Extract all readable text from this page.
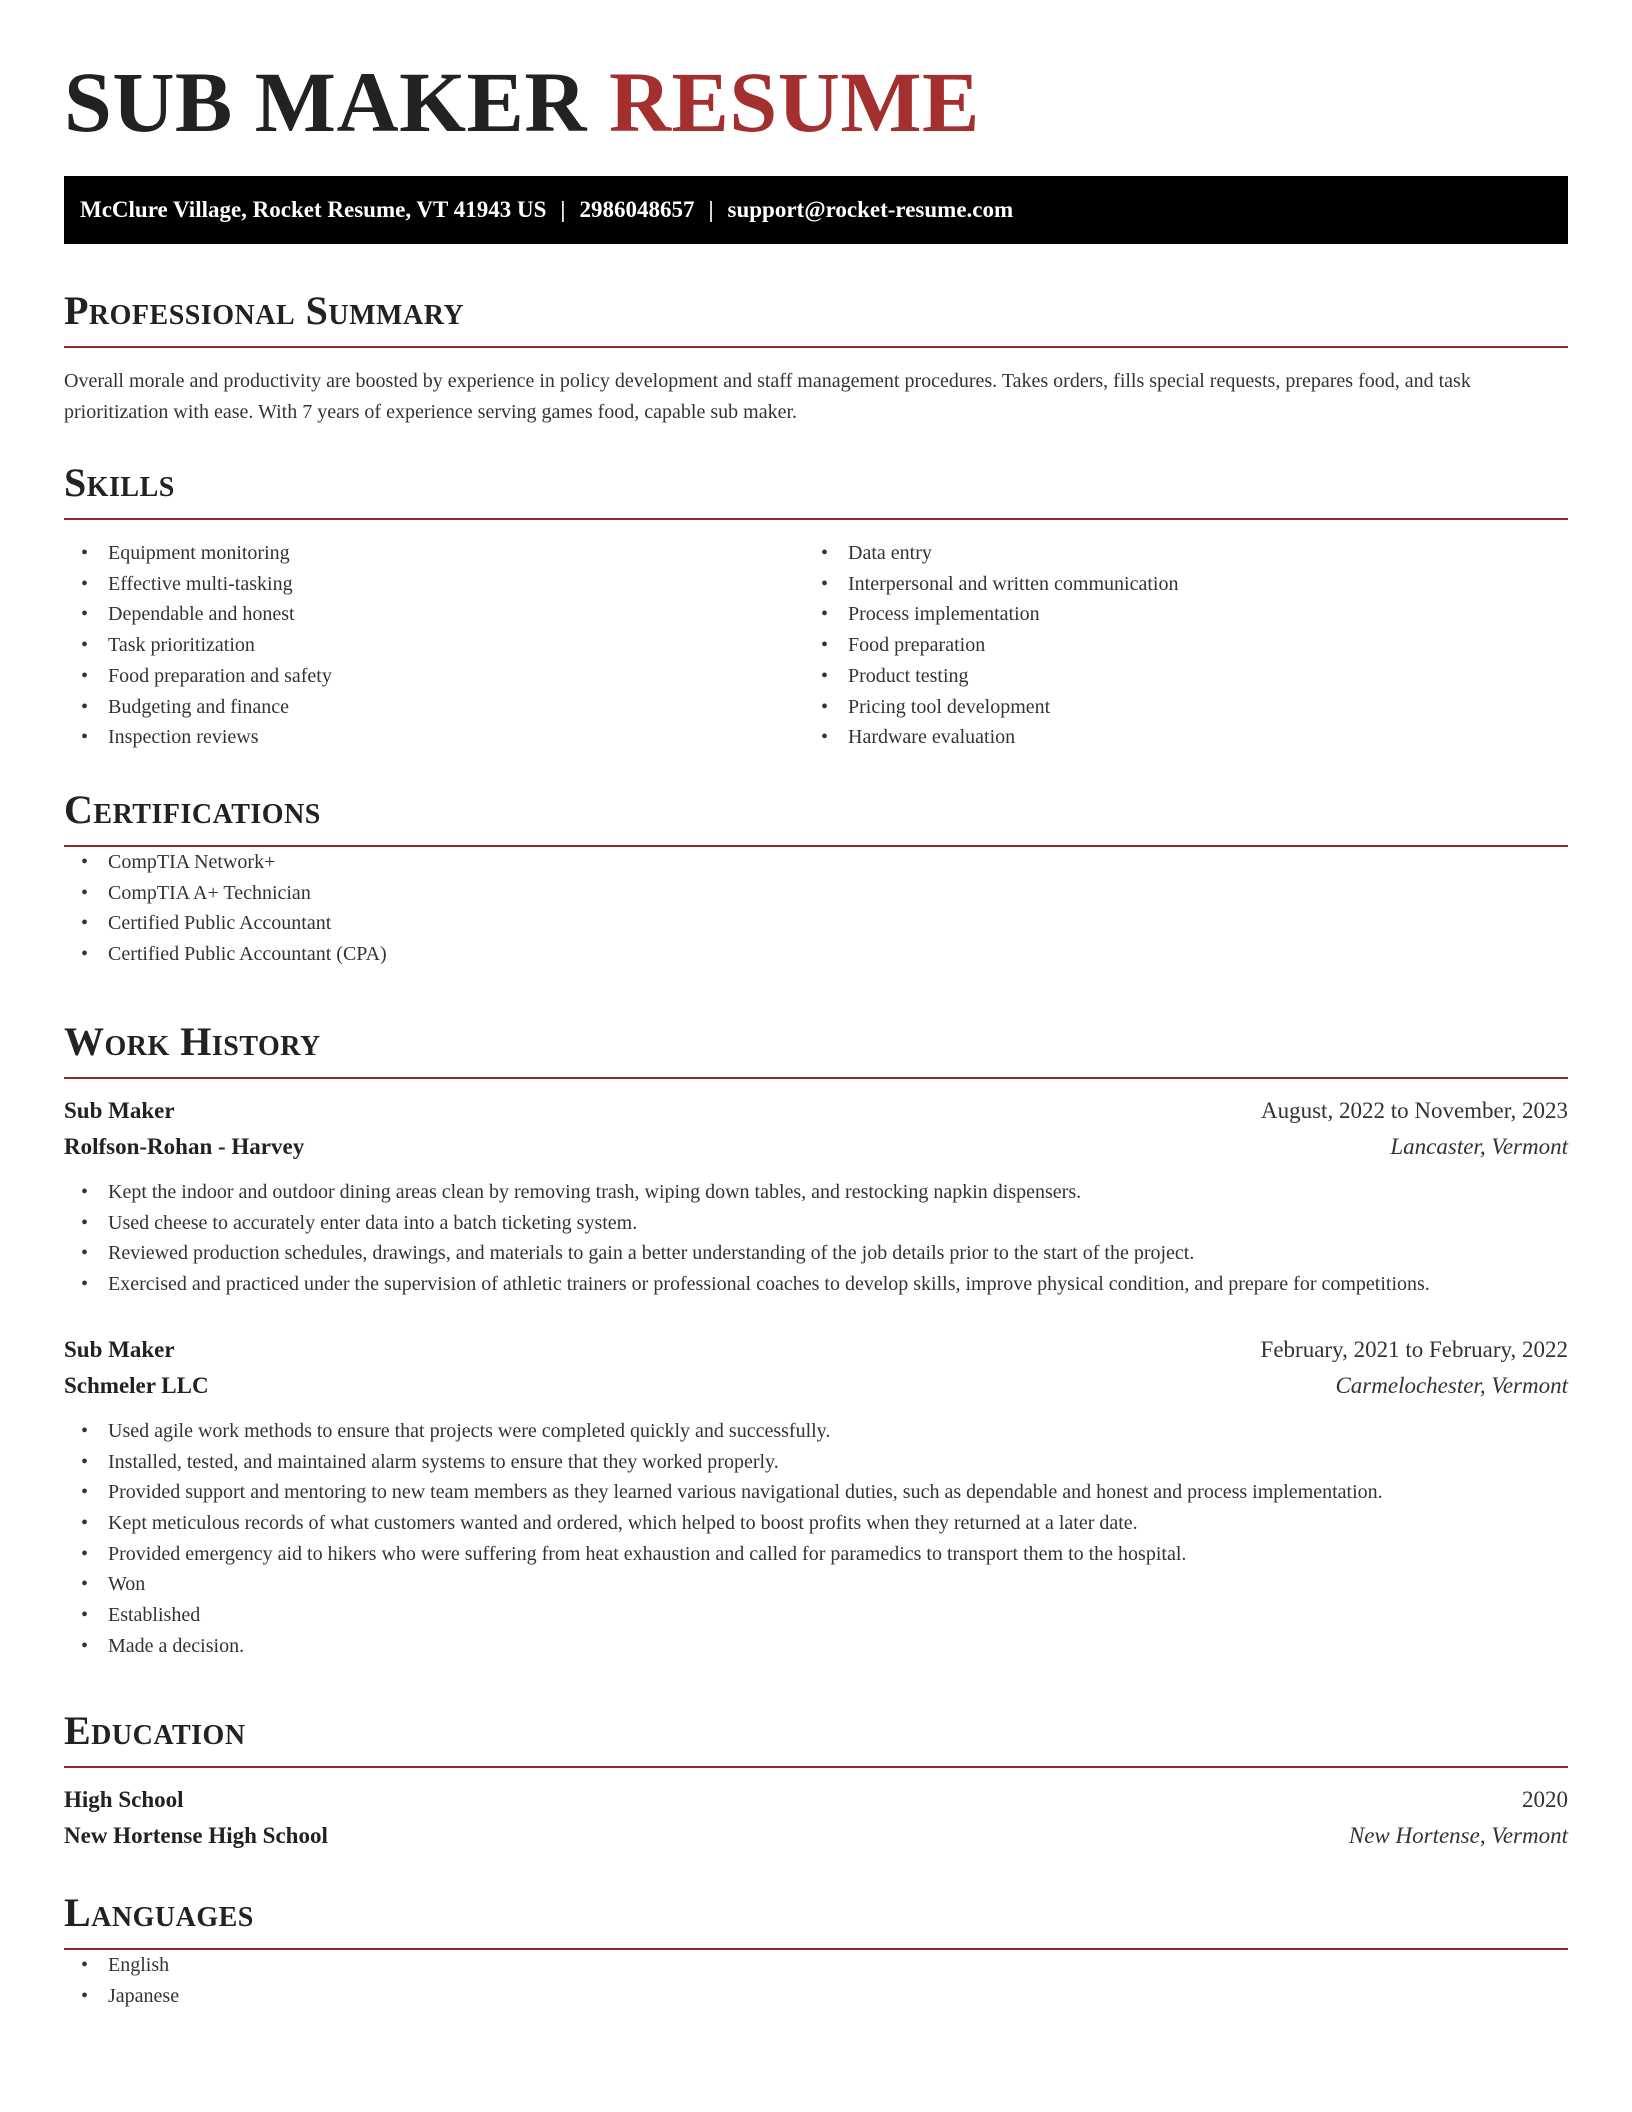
SUB MAKER RESUME
McClure Village, Rocket Resume, VT 41943 US | 2986048657 | support@rocket-resume.com
Professional Summary

Overall morale and productivity are boosted by experience in policy development and staff management procedures. Takes orders, fills special requests, prepares food, and task prioritization with ease. With 7 years of experience serving games food, capable sub maker.

Skills
• Equipment monitoring
• Effective multi-tasking
• Dependable and honest
• Task prioritization
• Food preparation and safety
• Budgeting and finance
• Inspection reviews
• Data entry
• Interpersonal and written communication
• Process implementation
• Food preparation
• Product testing
• Pricing tool development
• Hardware evaluation
Certifications
• CompTIA Network+
• CompTIA A+ Technician
• Certified Public Accountant
• Certified Public Accountant (CPA)
Work History
Sub Maker	August, 2022 to November, 2023
Rolfson-Rohan - Harvey	Lancaster, Vermont
• Kept the indoor and outdoor dining areas clean by removing trash, wiping down tables, and restocking napkin dispensers.
• Used cheese to accurately enter data into a batch ticketing system.
• Reviewed production schedules, drawings, and materials to gain a better understanding of the job details prior to the start of the project.
• Exercised and practiced under the supervision of athletic trainers or professional coaches to develop skills, improve physical condition, and prepare for competitions.
Sub Maker	February, 2021 to February, 2022
Schmeler LLC	Carmelochester, Vermont
• Used agile work methods to ensure that projects were completed quickly and successfully.
• Installed, tested, and maintained alarm systems to ensure that they worked properly.
• Provided support and mentoring to new team members as they learned various navigational duties, such as dependable and honest and process implementation.
• Kept meticulous records of what customers wanted and ordered, which helped to boost profits when they returned at a later date.
• Provided emergency aid to hikers who were suffering from heat exhaustion and called for paramedics to transport them to the hospital.
• Won
• Established
• Made a decision.
Education
High School	2020
New Hortense High School	New Hortense, Vermont
Languages
• English
• Japanese
